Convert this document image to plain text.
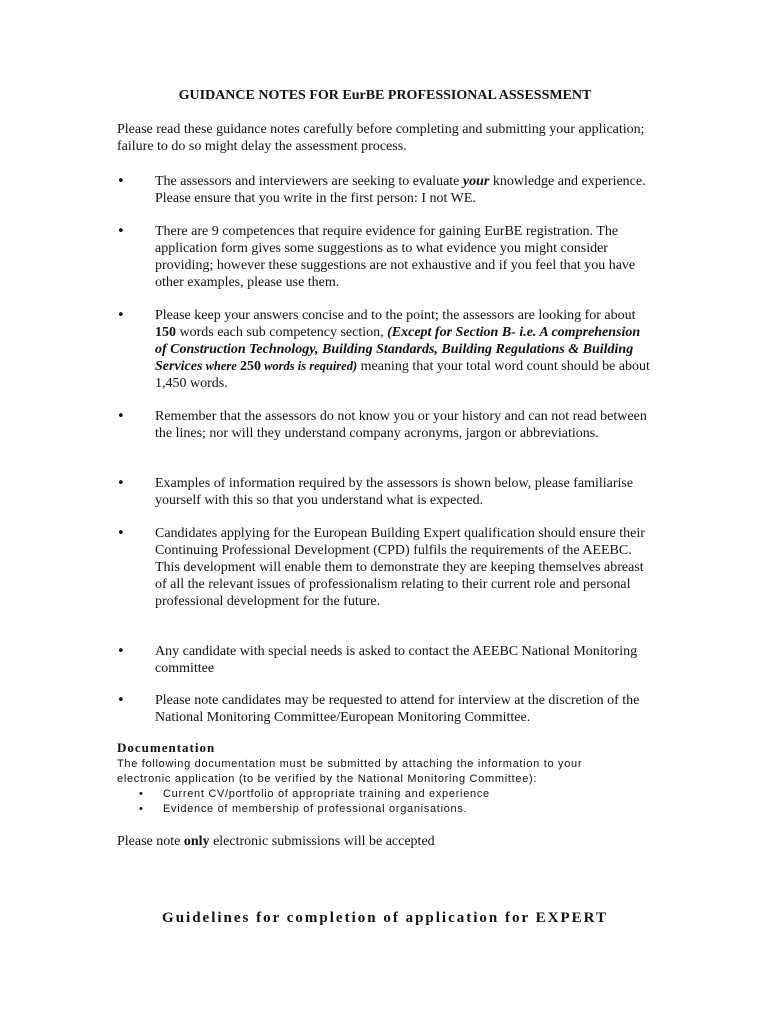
GUIDANCE NOTES FOR EurBE PROFESSIONAL ASSESSMENT
Please read these guidance notes carefully before completing and submitting your application; failure to do so might delay the assessment process.
•	The assessors and interviewers are seeking to evaluate your knowledge and experience. Please ensure that you write in the first person: I not WE.
•	There are 9 competences that require evidence for gaining EurBE registration. The application form gives some suggestions as to what evidence you might consider providing; however these suggestions are not exhaustive and if you feel that you have other examples, please use them.
•	Please keep your answers concise and to the point; the assessors are looking for about 150 words each sub competency section, (Except for Section B- i.e. A comprehension of Construction Technology, Building Standards, Building Regulations & Building Services where 250 words is required) meaning that your total word count should be about 1,450 words.
•	Remember that the assessors do not know you or your history and can not read between the lines; nor will they understand company acronyms, jargon or abbreviations.
•	Examples of information required by the assessors is shown below, please familiarise yourself with this so that you understand what is expected.
•	Candidates applying for the European Building Expert qualification should ensure their Continuing Professional Development (CPD) fulfils the requirements of the AEEBC. This development will enable them to demonstrate they are keeping themselves abreast of all the relevant issues of professionalism relating to their current role and personal professional development for the future.
•	Any candidate with special needs is asked to contact the AEEBC National Monitoring committee
•	Please note candidates may be requested to attend for interview at the discretion of the National Monitoring Committee/European Monitoring Committee.
Documentation
The following documentation must be submitted by attaching the information to your electronic application (to be verified by the National Monitoring Committee):
• Current CV/portfolio of appropriate training and experience
• Evidence of membership of professional organisations.
Please note only electronic submissions will be accepted
Guidelines for completion of application for EXPERT
